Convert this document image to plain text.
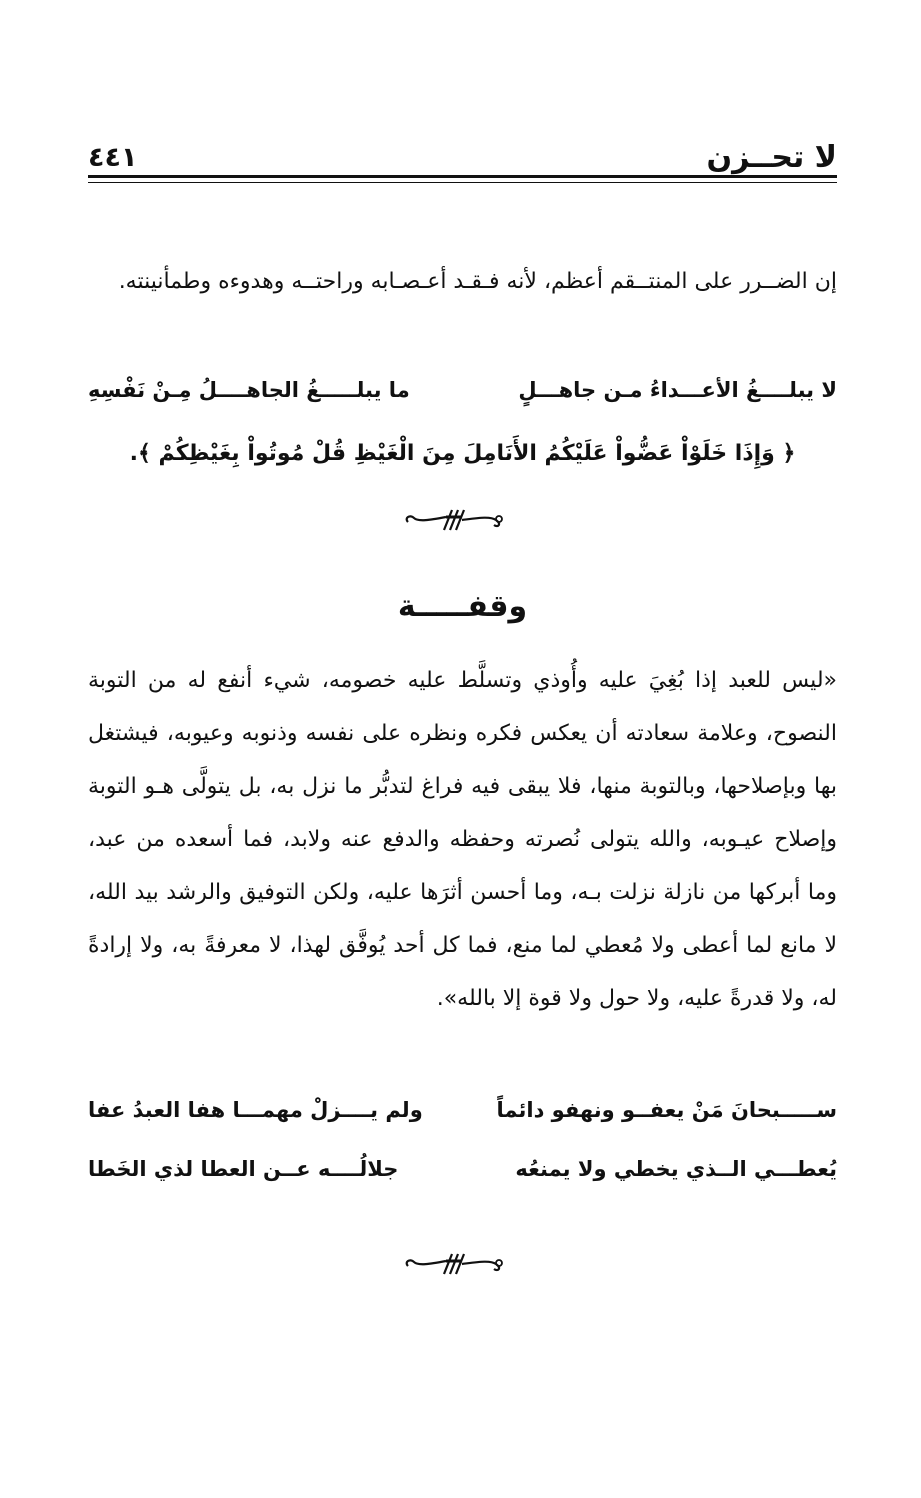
لا تحــزن
٤٤١
إن الضــرر على المنتــقم أعظم، لأنه فـقـد أعـصـابه وراحتــه وهدوءه وطمأنينته.
لا يبلــــغُ الأعـــداءُ مـن جاهـــلٍ
ما يبلـــــغُ الجاهــــلُ مِـنْ نَفْسِهِ
﴿ وَإِذَا خَلَوْاْ عَضُّواْ عَلَيْكُمُ الأَنَامِلَ مِنَ الْغَيْظِ قُلْ مُوتُواْ بِغَيْظِكُمْ ﴾.
وقفـــــة
«ليس للعبد إذا بُغِيَ عليه وأُوذي وتسلَّط عليه خصومه، شيء أنفع له من التوبة النصوح، وعلامة سعادته أن يعكس فكره ونظره على نفسه وذنوبه وعيوبه، فيشتغل بها وبإصلاحها، وبالتوبة منها، فلا يبقى فيه فراغ لتدبُّر ما نزل به، بل يتولَّى هـو التوبة وإصلاح عيـوبه، والله يتولى نُصرته وحفظه والدفع عنه ولابد، فما أسعده من عبد، وما أبركها من نازلة نزلت بـه، وما أحسن أثرَها عليه، ولكن التوفيق والرشد بيد الله، لا مانع لما أعطى ولا مُعطي لما منع، فما كل أحد يُوفَّق لهذا، لا معرفةً به، ولا إرادةً له، ولا قدرةً عليه، ولا حول ولا قوة إلا بالله».
ســـــبحانَ مَنْ يعفــو ونهفو دائماً
ولم يــــزلْ مهمـــا هفا العبدُ عفا
يُعطـــي الــذي يخطي ولا يمنعُه
جلالُــــه عــن العطا لذي الخَطا
